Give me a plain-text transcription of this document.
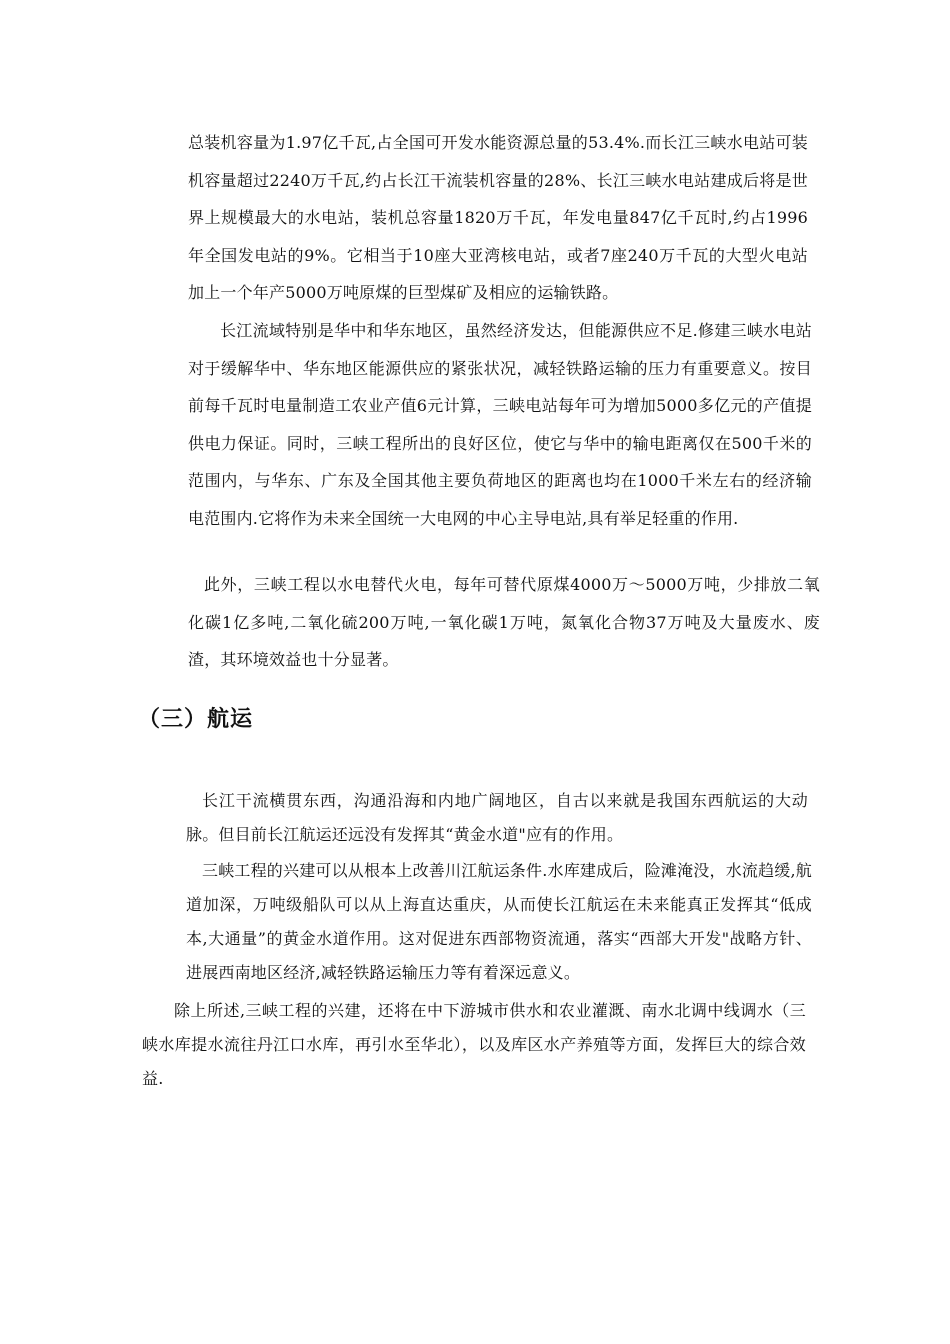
总装机容量为1.97亿千瓦,占全国可开发水能资源总量的53.4%.而长江三峡水电站可装机容量超过2240万千瓦,约占长江干流装机容量的28%、长江三峡水电站建成后将是世界上规模最大的水电站，装机总容量1820万千瓦，年发电量847亿千瓦时,约占1996年全国发电站的9%。它相当于10座大亚湾核电站，或者7座240万千瓦的大型火电站加上一个年产5000万吨原煤的巨型煤矿及相应的运输铁路。

长江流域特别是华中和华东地区，虽然经济发达，但能源供应不足.修建三峡水电站对于缓解华中、华东地区能源供应的紧张状况，减轻铁路运输的压力有重要意义。按目前每千瓦时电量制造工农业产值6元计算，三峡电站每年可为增加5000多亿元的产值提供电力保证。同时，三峡工程所出的良好区位，使它与华中的输电距离仅在500千米的范围内，与华东、广东及全国其他主要负荷地区的距离也均在1000千米左右的经济输电范围内.它将作为未来全国统一大电网的中心主导电站,具有举足轻重的作用.

此外，三峡工程以水电替代火电，每年可替代原煤4000万～5000万吨，少排放二氧化碳1亿多吨,二氧化硫200万吨,一氧化碳1万吨，氮氧化合物37万吨及大量废水、废渣，其环境效益也十分显著。

（三）航运

长江干流横贯东西，沟通沿海和内地广阔地区，自古以来就是我国东西航运的大动脉。但目前长江航运还远没有发挥其“黄金水道"应有的作用。

三峡工程的兴建可以从根本上改善川江航运条件.水库建成后，险滩淹没，水流趋缓,航道加深，万吨级船队可以从上海直达重庆，从而使长江航运在未来能真正发挥其“低成本,大通量”的黄金水道作用。这对促进东西部物资流通，落实“西部大开发"战略方针、进展西南地区经济,减轻铁路运输压力等有着深远意义。

除上所述,三峡工程的兴建，还将在中下游城市供水和农业灌溉、南水北调中线调水（三峡水库提水流往丹江口水库，再引水至华北），以及库区水产养殖等方面，发挥巨大的综合效益.
